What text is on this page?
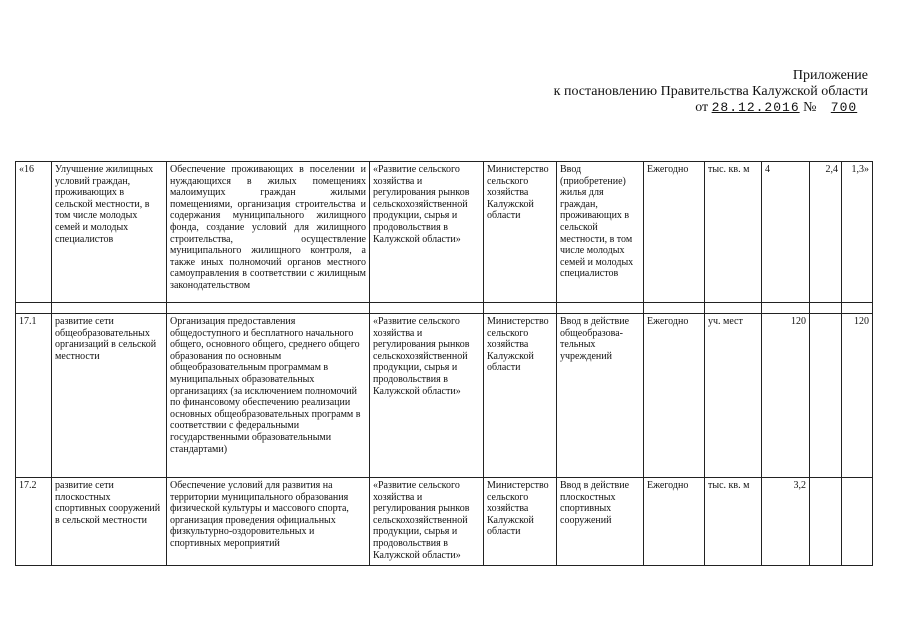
Приложение
к постановлению Правительства Калужской области
от 28.12.2016 № 700
«16	Улучшение жилищных условий граждан, проживающих в сельской местности, в том числе молодых семей и молодых специалистов	Обеспечение проживающих в поселении и нуждающихся в жилых помещениях малоимущих граждан жилыми помещениями, организация строительства и содержания муниципального жилищного фонда, создание условий для жилищного строительства, осуществление муниципального жилищного контроля, а также иных полномочий органов местного самоуправления в соответствии с жилищным законодательством	«Развитие сельского хозяйства и регулирования рынков сельскохозяйственной продукции, сырья и продовольствия в Калужской области»	Министерство сельского хозяйства Калужской области	Ввод (приобретение) жилья для граждан, проживающих в сельской местности, в том числе молодых семей и молодых специалистов	Ежегодно	тыс. кв. м	4	2,4	1,3»

17.1	развитие сети общеобразовательных организаций в сельской местности	Организация предоставления общедоступного и бесплатного начального общего, основного общего, среднего общего образования по основным общеобразовательным программам в муниципальных образовательных организациях (за исключением полномочий по финансовому обеспечению реализации основных общеобразовательных программ в соответствии с федеральными государственными образовательными стандартами)	«Развитие сельского хозяйства и регулирования рынков сельскохозяйственной продукции, сырья и продовольствия в Калужской области»	Министерство сельского хозяйства Калужской области	Ввод в действие общеобразова-тельных учреждений	Ежегодно	уч. мест	120		120
17.2	развитие сети плоскостных спортивных сооружений в сельской местности	Обеспечение условий для развития на территории муниципального образования физической культуры и массового спорта, организация проведения официальных физкультурно-оздоровительных и спортивных мероприятий	«Развитие сельского хозяйства и регулирования рынков сельскохозяйственной продукции, сырья и продовольствия в Калужской области»	Министерство сельского хозяйства Калужской области	Ввод в действие плоскостных спортивных сооружений	Ежегодно	тыс. кв. м	3,2		
